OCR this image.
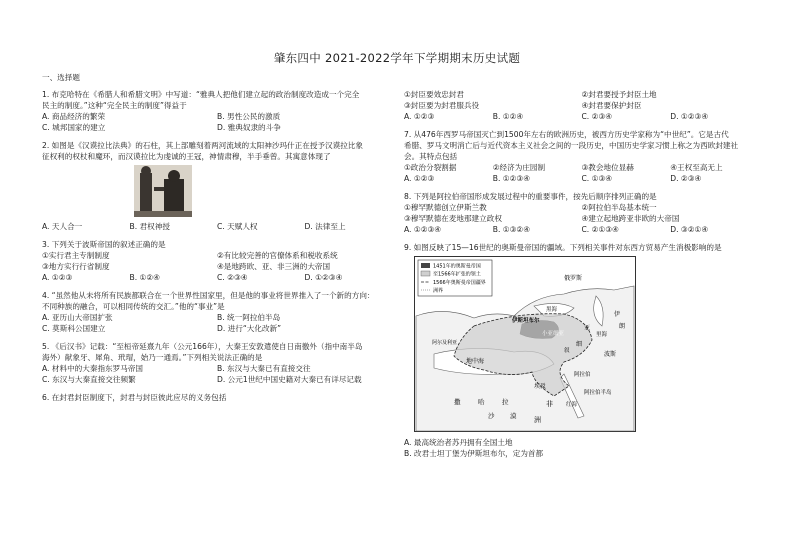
肇东四中 2021-2022学年下学期期末历史试题
一、选择题
1. 布克哈特在《希腊人和希腊文明》中写道：“雅典人把他们建立起的政治制度改造成一个完全
民主的制度。”这种“完全民主的制度”得益于
A. 商品经济的繁荣	B. 男性公民的激质
C. 城邦国家的建立	D. 雅典奴隶的斗争
2. 如图是《汉谟拉比法典》的石柱，其上部雕刻着两河流域的太阳神沙玛什正在授予汉谟拉比象
征权利的权杖和魔环，而汉谟拉比为虔诚的王冠，神情肃穆，半手垂曾。其寓意体现了
A. 天人合一	B. 君权神授	C. 天赋人权	D. 法律至上
3. 下列关于波斯帝国的叙述正确的是
①实行君主专制制度	②有比较完善的官僚体系和税收系统
③地方实行行省制度	④是地跨欧、亚、非三洲的大帝国
A. ①②③	B. ①②④	C. ②③④	D. ①②③④
4. “虽然他从未将所有民族都联合在一个世界性国家里，但是他的事业将世界推入了一个新的方向：
不同种族的融合，可以相同传统的交汇。”他的“事业”是
A. 亚历山大帝国扩张	B. 统一阿拉伯半岛
C. 莫斯科公国建立	D. 进行“大化改新”
5. 《后汉书》记载：“至桓帝延熹九年（公元166年），大秦王安敦遣使自日南徼外（指中南半岛
海外）献象牙、犀角、玳瑁，始乃一通焉。”下列相关说法正确的是
A. 材料中的大秦指东罗马帝国	B. 东汉与大秦已有直接交往
C. 东汉与大秦直接交往频繁	D. 公元1世纪中国史籍对大秦已有详尽记载
6. 在封君封臣制度下，封君与封臣彼此应尽的义务包括
①封臣要效忠封君	②封君要授予封臣土地
③封臣要为封君服兵役	④封君要保护封臣
A. ①②③	B. ①②④	C. ②③④	D. ①②③④
7. 从476年西罗马帝国灭亡到1500年左右的欧洲历史，被西方历史学家称为“中世纪”。它是古代
希腊、罗马文明消亡后与近代资本主义社会之间的一段历史，中国历史学家习惯上称之为西欧封建社
会。其特点包括
①政治分裂割据	②经济为庄园制	③教会地位显赫	④王权至高无上
A. ①②③	B. ①②③④	C. ①③④	D. ②③④
8. 下列是阿拉伯帝国形成发展过程中的重要事件，按先后顺序排列正确的是
①穆罕默德创立伊斯兰教	②阿拉伯半岛基本统一
③穆罕默德在麦地那建立政权	④建立起地跨亚非欧的大帝国
A. ①②③④	B. ①③②④	C. ②①③④	D. ③②①④
9. 如图反映了15—16世纪的奥斯曼帝国的疆域。下列相关事件对东西方贸易产生消极影响的是
1451年的奥斯曼帝国
至1566年扩张的领土
1566年奥斯曼帝国疆界
洲界
俄罗斯
伊斯坦布尔
小亚细亚
阿拉伯
埃及
地中海
黑海
里海
红海
波斯
阿尔及利亚
阿拉伯半岛
撒	哈	拉
沙 漠
伊
朗
叙
非
洲
亚
细
A. 最高统治者苏丹拥有全国土地
B. 改君士坦丁堡为伊斯坦布尔，定为首都
